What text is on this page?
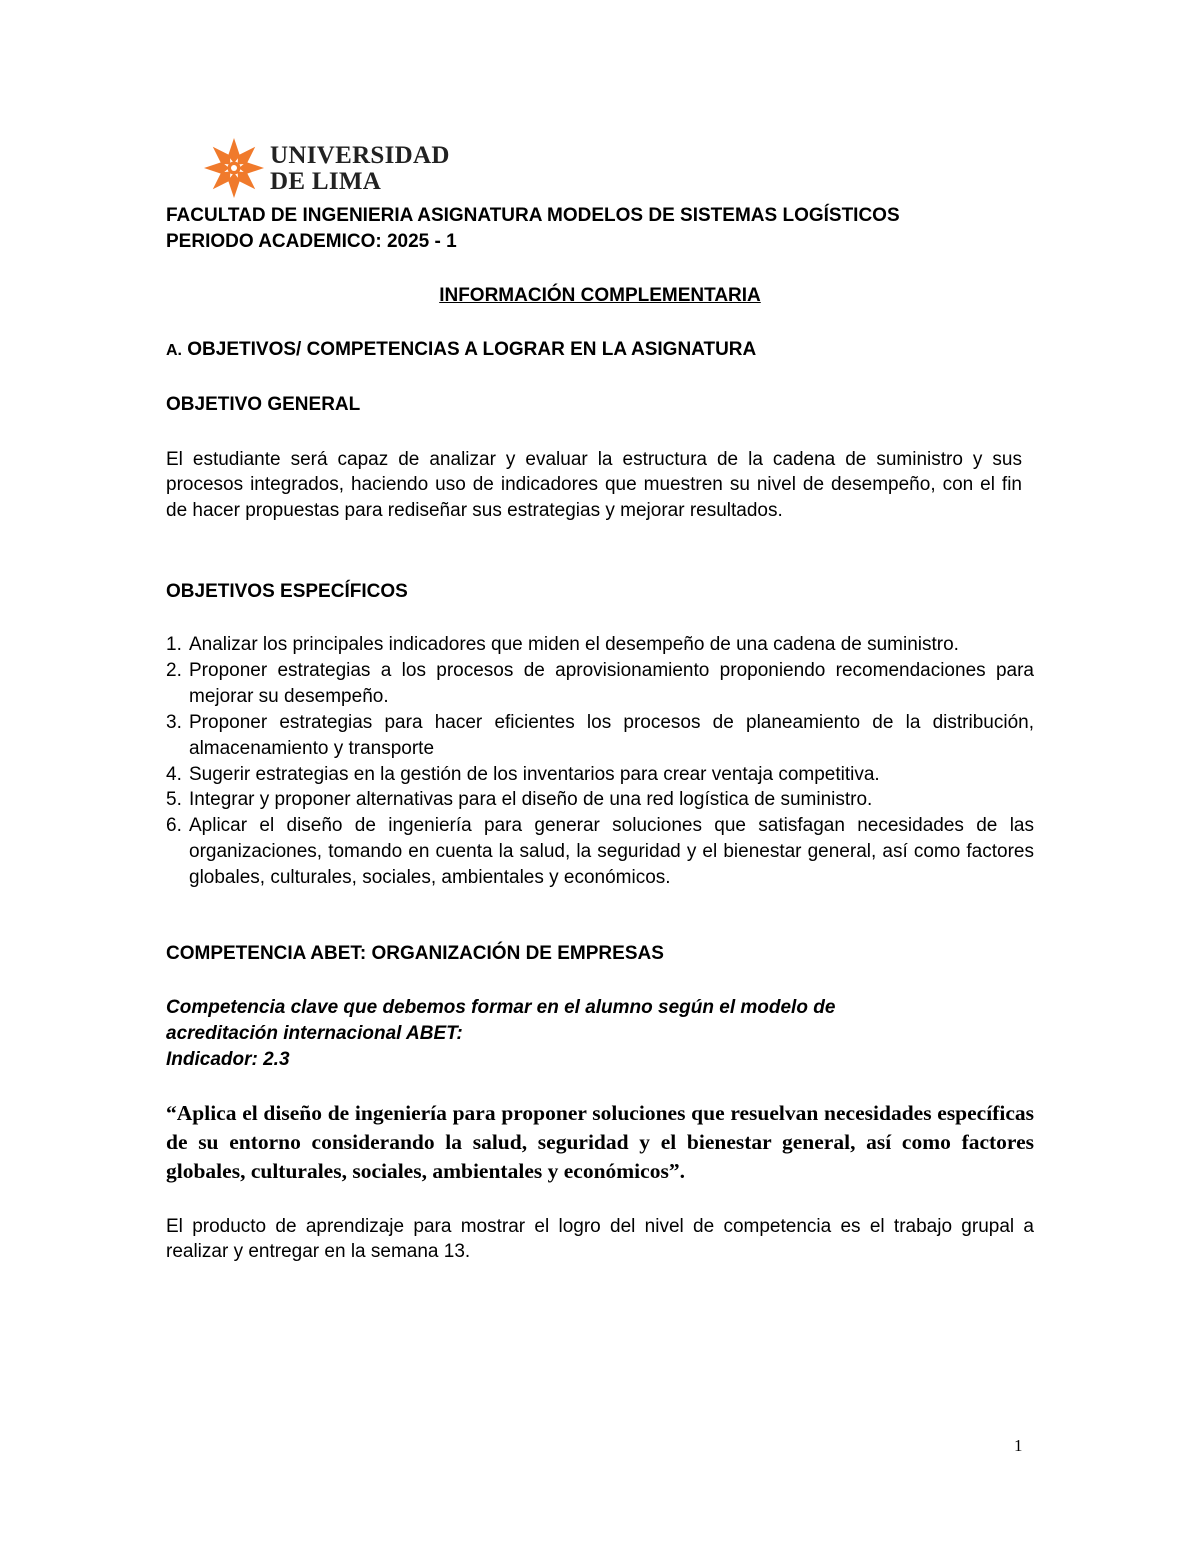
UNIVERSIDAD
DE LIMA
FACULTAD DE INGENIERIA ASIGNATURA MODELOS DE SISTEMAS LOGÍSTICOS
PERIODO ACADEMICO: 2025 - 1
INFORMACIÓN COMPLEMENTARIA
A. OBJETIVOS/ COMPETENCIAS A LOGRAR EN LA ASIGNATURA
OBJETIVO GENERAL
El estudiante será capaz de analizar y evaluar la estructura de la cadena de suministro y sus procesos integrados, haciendo uso de indicadores que muestren su nivel de desempeño, con el fin de hacer propuestas para rediseñar sus estrategias y mejorar resultados.
OBJETIVOS ESPECÍFICOS
1. Analizar los principales indicadores que miden el desempeño de una cadena de suministro.
2. Proponer estrategias a los procesos de aprovisionamiento proponiendo recomendaciones para mejorar su desempeño.
3. Proponer estrategias para hacer eficientes los procesos de planeamiento de la distribución, almacenamiento y transporte
4. Sugerir estrategias en la gestión de los inventarios para crear ventaja competitiva.
5. Integrar y proponer alternativas para el diseño de una red logística de suministro.
6. Aplicar el diseño de ingeniería para generar soluciones que satisfagan necesidades de las organizaciones, tomando en cuenta la salud, la seguridad y el bienestar general, así como factores globales, culturales, sociales, ambientales y económicos.
COMPETENCIA ABET: ORGANIZACIÓN DE EMPRESAS
Competencia clave que debemos formar en el alumno según el modelo de
acreditación internacional ABET:
Indicador: 2.3
“Aplica el diseño de ingeniería para proponer soluciones que resuelvan necesidades específicas de su entorno considerando la salud, seguridad y el bienestar general, así como factores globales, culturales, sociales, ambientales y económicos”.
El producto de aprendizaje para mostrar el logro del nivel de competencia es el trabajo grupal a realizar y entregar en la semana 13.
1
